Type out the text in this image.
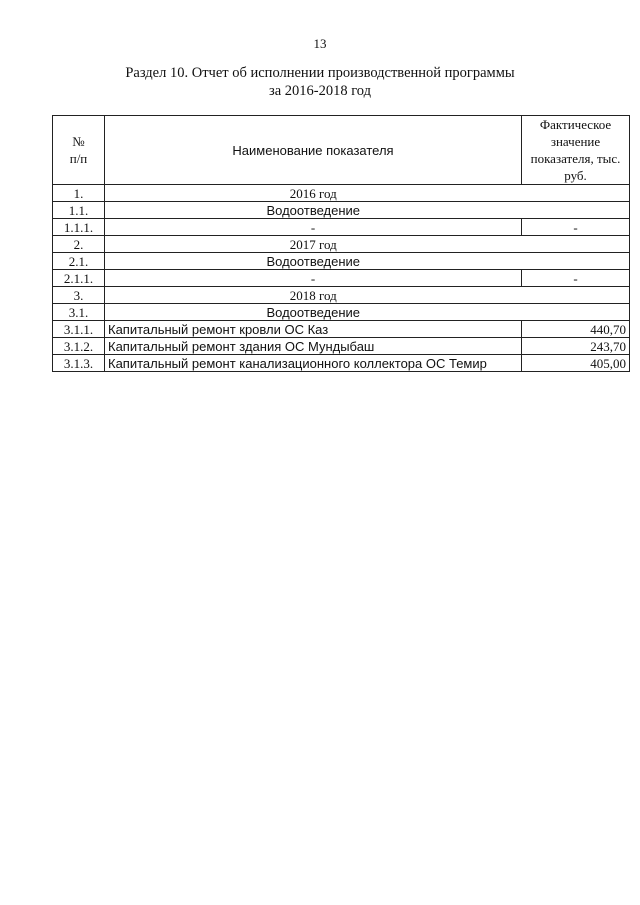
13
Раздел 10. Отчет об исполнении производственной программы
за 2016-2018 год
№
п/п	Наименование показателя	Фактическое значение показателя, тыс. руб.
1.	2016 год	
1.1.	Водоотведение	
1.1.1.	-	-
2.	2017 год	
2.1.	Водоотведение	
2.1.1.	-	-
3.	2018 год	
3.1.	Водоотведение	
3.1.1.	Капитальный ремонт кровли ОС Каз	440,70
3.1.2.	Капитальный ремонт здания ОС Мундыбаш	243,70
3.1.3.	Капитальный ремонт канализационного коллектора ОС Темир	405,00
